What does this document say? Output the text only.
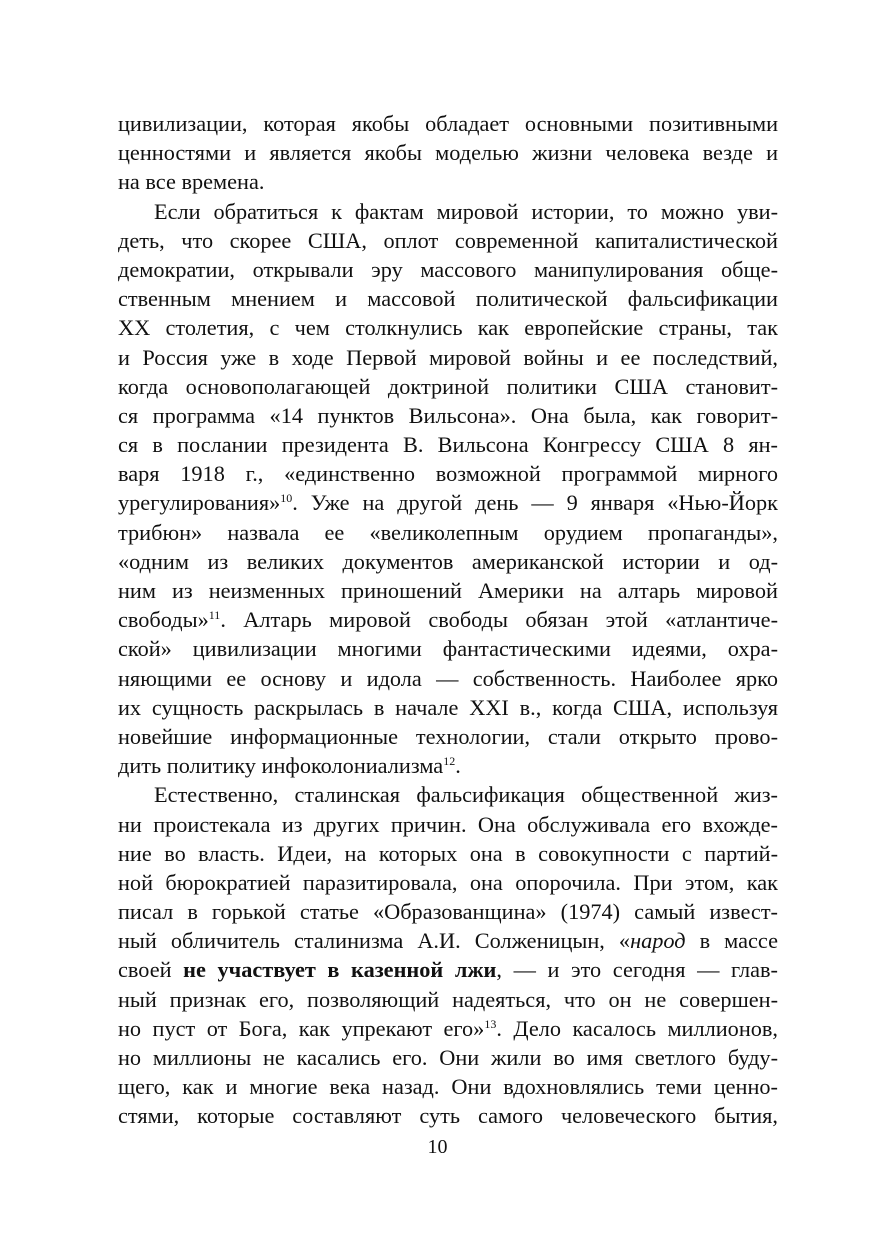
цивилизации, которая якобы обладает основными позитивными
ценностями и является якобы моделью жизни человека везде и
на все времена.
Если обратиться к фактам мировой истории, то можно уви-
деть, что скорее США, оплот современной капиталистической
демократии, открывали эру массового манипулирования обще-
ственным мнением и массовой политической фальсификации
ХХ столетия, с чем столкнулись как европейские страны, так
и Россия уже в ходе Первой мировой войны и ее последствий,
когда основополагающей доктриной политики США становит-
ся программа «14 пунктов Вильсона». Она была, как говорит-
ся в послании президента В. Вильсона Конгрессу США 8 ян-
варя 1918 г., «единственно возможной программой мирного
урегулирования»$^{10}$. Уже на другой день — 9 января «Нью-Йорк
трибюн» назвала ее «великолепным орудием пропаганды»,
«одним из великих документов американской истории и од-
ним из неизменных приношений Америки на алтарь мировой
свободы»$^{11}$. Алтарь мировой свободы обязан этой «атлантиче-
ской» цивилизации многими фантастическими идеями, охра-
няющими ее основу и идола — собственность. Наиболее ярко
их сущность раскрылась в начале ХХI в., когда США, используя
новейшие информационные технологии, стали открыто прово-
дить политику инфоколониализма$^{12}$.
Естественно, сталинская фальсификация общественной жиз-
ни проистекала из других причин. Она обслуживала его вхожде-
ние во власть. Идеи, на которых она в совокупности с партий-
ной бюрократией паразитировала, она опорочила. При этом, как
писал в горькой статье «Образованщина» (1974) самый извест-
ный обличитель сталинизма А.И. Солженицын, «народ в массе
своей не участвует в казенной лжи, — и это сегодня — глав-
ный признак его, позволяющий надеяться, что он не совершен-
но пуст от Бога, как упрекают его»$^{13}$. Дело касалось миллионов,
но миллионы не касались его. Они жили во имя светлого буду-
щего, как и многие века назад. Они вдохновлялись теми ценно-
стями, которые составляют суть самого человеческого бытия,
10
